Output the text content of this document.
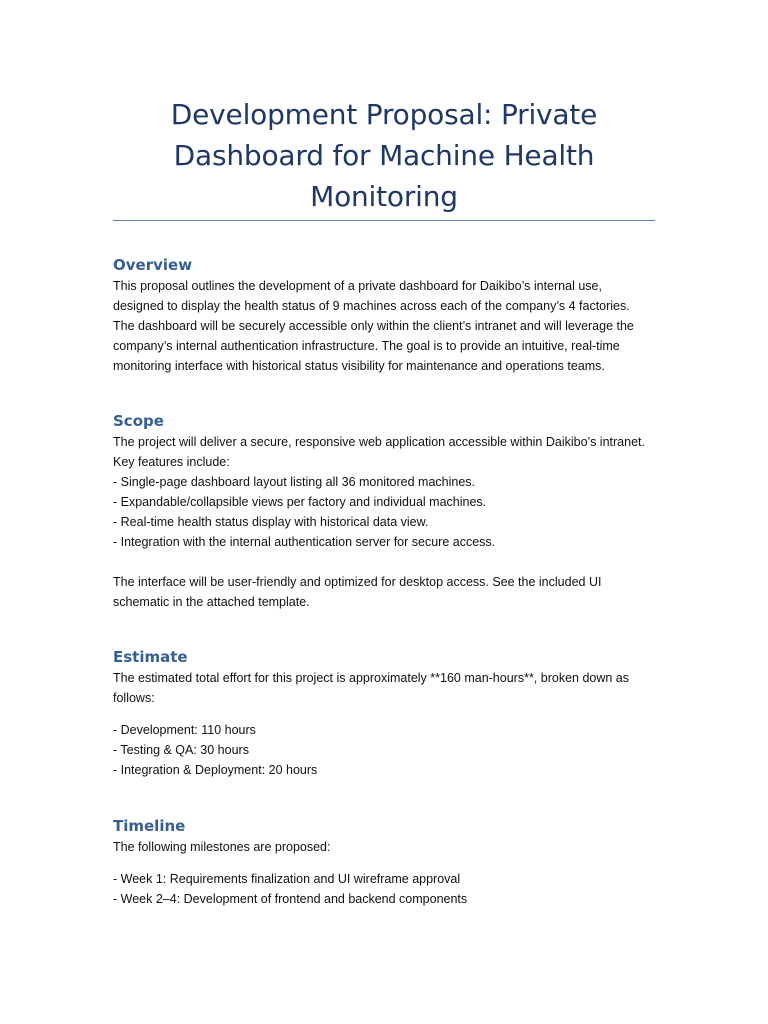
Development Proposal: Private
Dashboard for Machine Health
Monitoring
Overview

This proposal outlines the development of a private dashboard for Daikibo’s internal use,
designed to display the health status of 9 machines across each of the company’s 4 factories.
The dashboard will be securely accessible only within the client’s intranet and will leverage the
company’s internal authentication infrastructure. The goal is to provide an intuitive, real-time
monitoring interface with historical status visibility for maintenance and operations teams.

Scope

The project will deliver a secure, responsive web application accessible within Daikibo’s intranet.
Key features include:
- Single-page dashboard layout listing all 36 monitored machines.
- Expandable/collapsible views per factory and individual machines.
- Real-time health status display with historical data view.
- Integration with the internal authentication server for secure access.

The interface will be user-friendly and optimized for desktop access. See the included UI
schematic in the attached template.

Estimate

The estimated total effort for this project is approximately **160 man-hours**, broken down as
follows:

- Development: 110 hours
- Testing & QA: 30 hours
- Integration & Deployment: 20 hours

Timeline

The following milestones are proposed:

- Week 1: Requirements finalization and UI wireframe approval
- Week 2–4: Development of frontend and backend components
